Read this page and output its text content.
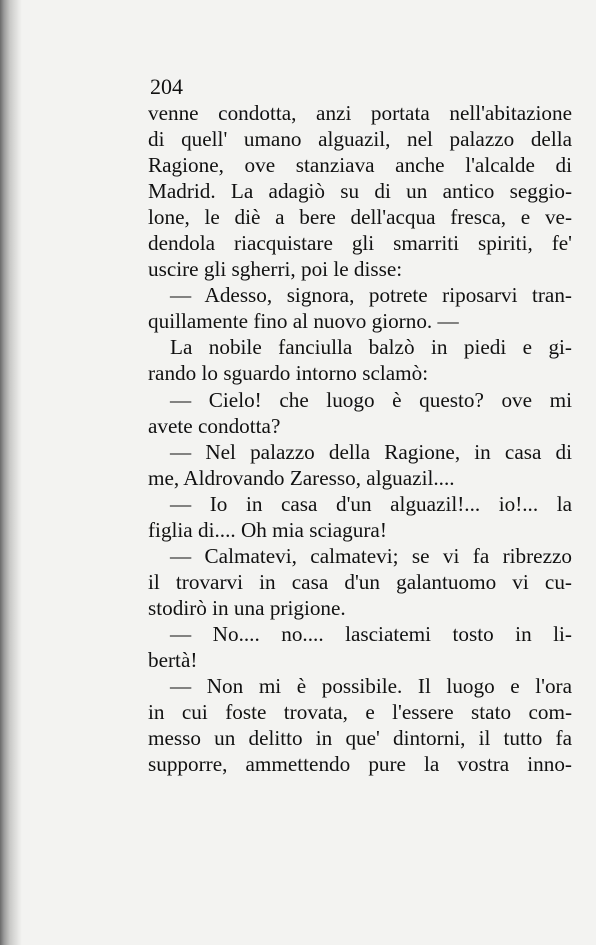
204
venne condotta, anzi portata nell'abitazione
di quell' umano alguazil, nel palazzo della
Ragione, ove stanziava anche l'alcalde di
Madrid. La adagiò su di un antico seggio-
lone, le diè a bere dell'acqua fresca, e ve-
dendola riacquistare gli smarriti spiriti, fe'
uscire gli sgherri, poi le disse:
— Adesso, signora, potrete riposarvi tran-
quillamente fino al nuovo giorno. —
La nobile fanciulla balzò in piedi e gi-
rando lo sguardo intorno sclamò:
— Cielo! che luogo è questo? ove mi
avete condotta?
— Nel palazzo della Ragione, in casa di
me, Aldrovando Zaresso, alguazil....
— Io in casa d'un alguazil!... io!... la
figlia di.... Oh mia sciagura!
— Calmatevi, calmatevi; se vi fa ribrezzo
il trovarvi in casa d'un galantuomo vi cu-
stodirò in una prigione.
— No.... no.... lasciatemi tosto in li-
bertà!
— Non mi è possibile. Il luogo e l'ora
in cui foste trovata, e l'essere stato com-
messo un delitto in que' dintorni, il tutto fa
supporre, ammettendo pure la vostra inno-
